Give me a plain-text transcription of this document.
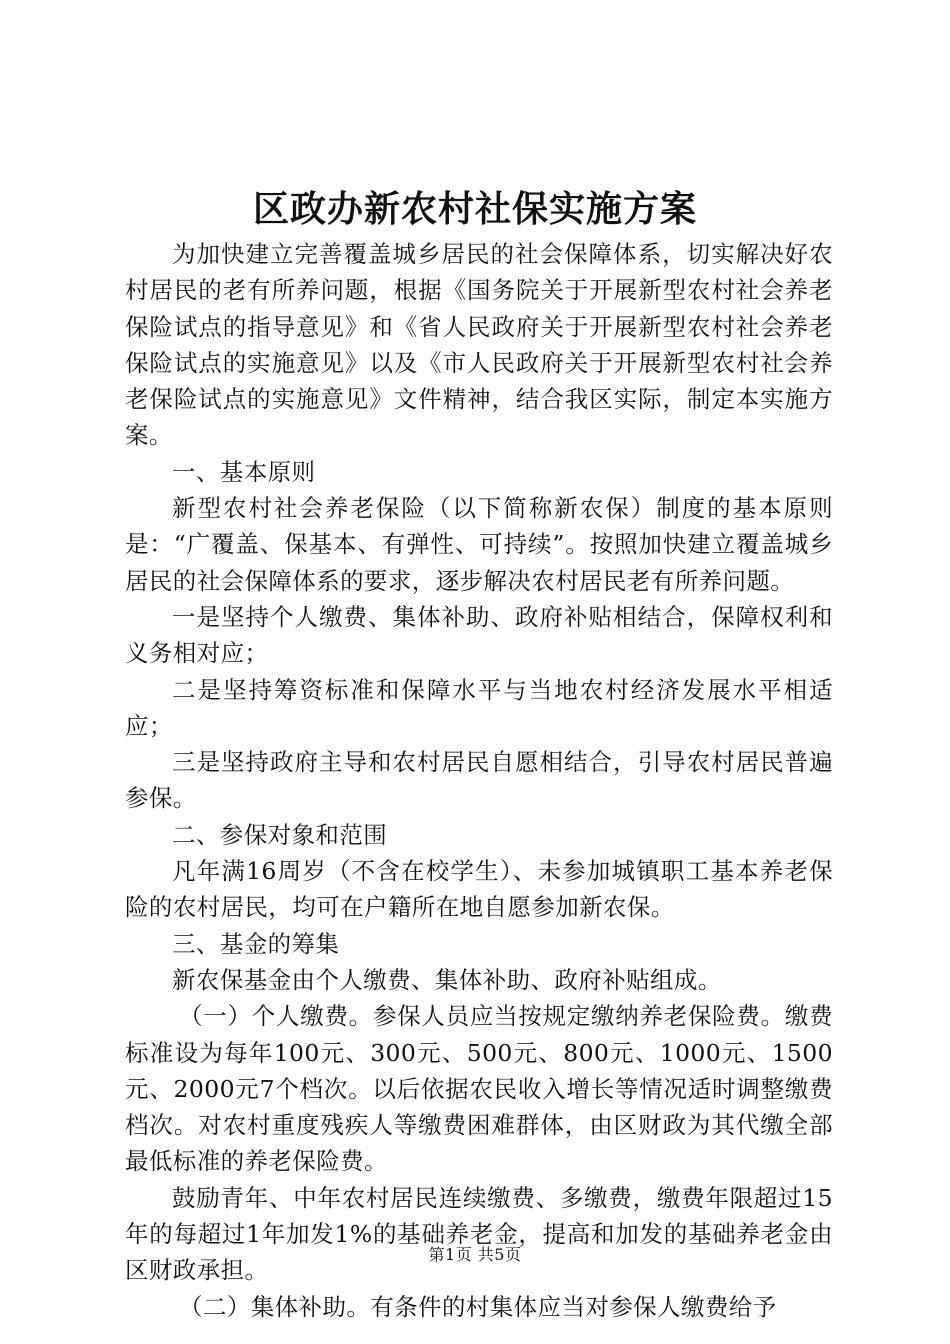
区政办新农村社保实施方案

为加快建立完善覆盖城乡居民的社会保障体系，切实解决好农村居民的老有所养问题，根据《国务院关于开展新型农村社会养老保险试点的指导意见》和《省人民政府关于开展新型农村社会养老保险试点的实施意见》以及《市人民政府关于开展新型农村社会养老保险试点的实施意见》文件精神，结合我区实际，制定本实施方案。

一、基本原则

新型农村社会养老保险（以下简称新农保）制度的基本原则是：“广覆盖、保基本、有弹性、可持续”。按照加快建立覆盖城乡居民的社会保障体系的要求，逐步解决农村居民老有所养问题。

一是坚持个人缴费、集体补助、政府补贴相结合，保障权利和义务相对应；

二是坚持筹资标准和保障水平与当地农村经济发展水平相适应；

三是坚持政府主导和农村居民自愿相结合，引导农村居民普遍参保。

二、参保对象和范围

凡年满16周岁（不含在校学生）、未参加城镇职工基本养老保险的农村居民，均可在户籍所在地自愿参加新农保。

三、基金的筹集

新农保基金由个人缴费、集体补助、政府补贴组成。

（一）个人缴费。参保人员应当按规定缴纳养老保险费。缴费标准设为每年100元、300元、500元、800元、1000元、1500元、2000元7个档次。以后依据农民收入增长等情况适时调整缴费档次。对农村重度残疾人等缴费困难群体，由区财政为其代缴全部最低标准的养老保险费。

鼓励青年、中年农村居民连续缴费、多缴费，缴费年限超过15年的每超过1年加发1%的基础养老金，提高和加发的基础养老金由区财政承担。

（二）集体补助。有条件的村集体应当对参保人缴费给予

第1页 共5页
